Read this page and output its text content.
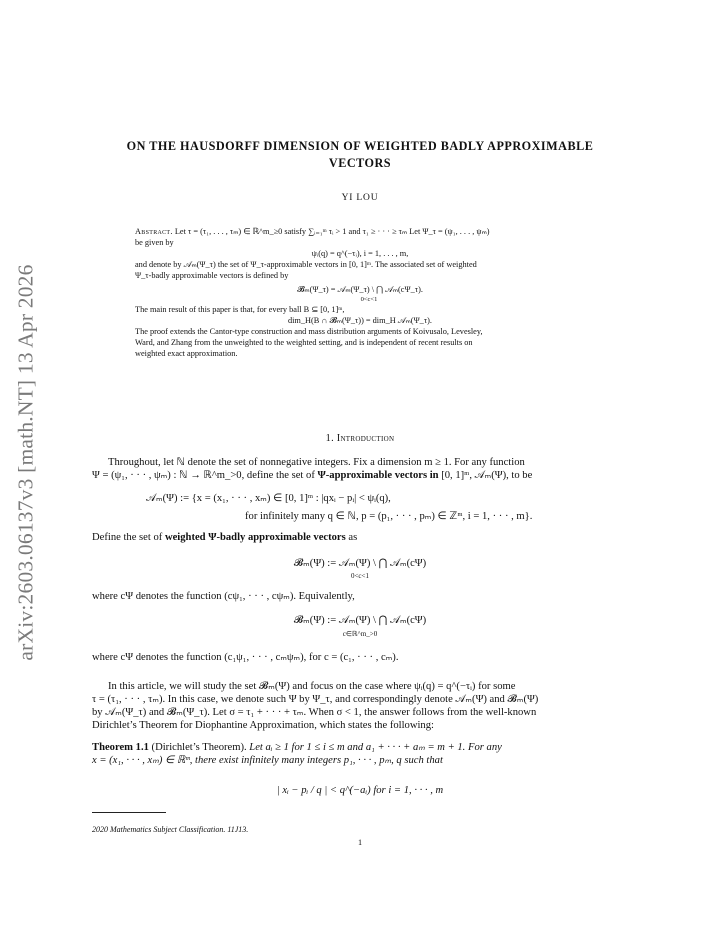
arXiv:2603.06137v3 [math.NT] 13 Apr 2026
ON THE HAUSDORFF DIMENSION OF WEIGHTED BADLY APPROXIMABLE
VECTORS
YI LOU
Abstract. Let τ = (τ₁, . . . , τₘ) ∈ ℝ^m_≥0 satisfy ∑ᵢ₌₁ᵐ τᵢ > 1 and τ₁ ≥ · · · ≥ τₘ Let Ψ_τ = (ψ₁, . . . , ψₘ)
be given by
ψᵢ(q) = q^(−τᵢ), i = 1, . . . , m,
and denote by 𝒜ₘ(Ψ_τ) the set of Ψ_τ-approximable vectors in [0, 1]ᵐ. The associated set of weighted
Ψ_τ-badly approximable vectors is defined by
𝓑ₘ(Ψ_τ) = 𝒜ₘ(Ψ_τ) \ ⋂ 𝒜ₘ(cΨ_τ).
0<c<1
The main result of this paper is that, for every ball B ⊆ [0, 1]ᵐ,
dim_H(B ∩ 𝓑ₘ(Ψ_τ)) = dim_H 𝒜ₘ(Ψ_τ).
The proof extends the Cantor-type construction and mass distribution arguments of Koivusalo, Levesley,
Ward, and Zhang from the unweighted to the weighted setting, and is independent of recent results on
weighted exact approximation.
1. Introduction
Throughout, let ℕ denote the set of nonnegative integers. Fix a dimension m ≥ 1. For any function
Ψ = (ψ₁, · · · , ψₘ) : ℕ → ℝ^m_>0, define the set of Ψ-approximable vectors in [0, 1]ᵐ, 𝒜ₘ(Ψ), to be
𝒜ₘ(Ψ) := {x = (x₁, · · · , xₘ) ∈ [0, 1]ᵐ : |qxᵢ − pᵢ| < ψᵢ(q),
for infinitely many q ∈ ℕ, p = (p₁, · · · , pₘ) ∈ ℤᵐ, i = 1, · · · , m}.
Define the set of weighted Ψ-badly approximable vectors as
𝓑ₘ(Ψ) := 𝒜ₘ(Ψ) \ ⋂ 𝒜ₘ(cΨ)
0<c<1
where cΨ denotes the function (cψ₁, · · · , cψₘ). Equivalently,
𝓑ₘ(Ψ) := 𝒜ₘ(Ψ) \ ⋂ 𝒜ₘ(cΨ)
c∈ℝ^m_>0
where cΨ denotes the function (c₁ψ₁, · · · , cₘψₘ), for c = (c₁, · · · , cₘ).
In this article, we will study the set 𝓑ₘ(Ψ) and focus on the case where ψᵢ(q) = q^(−τᵢ) for some
τ = (τ₁, · · · , τₘ). In this case, we denote such Ψ by Ψ_τ, and correspondingly denote 𝒜ₘ(Ψ) and 𝓑ₘ(Ψ)
by 𝒜ₘ(Ψ_τ) and 𝓑ₘ(Ψ_τ). Let σ = τ₁ + · · · + τₘ. When σ < 1, the answer follows from the well-known
Dirichlet’s Theorem for Diophantine Approximation, which states the following:
Theorem 1.1 (Dirichlet’s Theorem). Let aᵢ ≥ 1 for 1 ≤ i ≤ m and a₁ + · · · + aₘ = m + 1. For any
x = (x₁, · · · , xₘ) ∈ ℝᵐ, there exist infinitely many integers p₁, · · · , pₘ, q such that
| xᵢ − pᵢ / q | < q^(−aᵢ) for i = 1, · · · , m
2020 Mathematics Subject Classification. 11J13.
1
